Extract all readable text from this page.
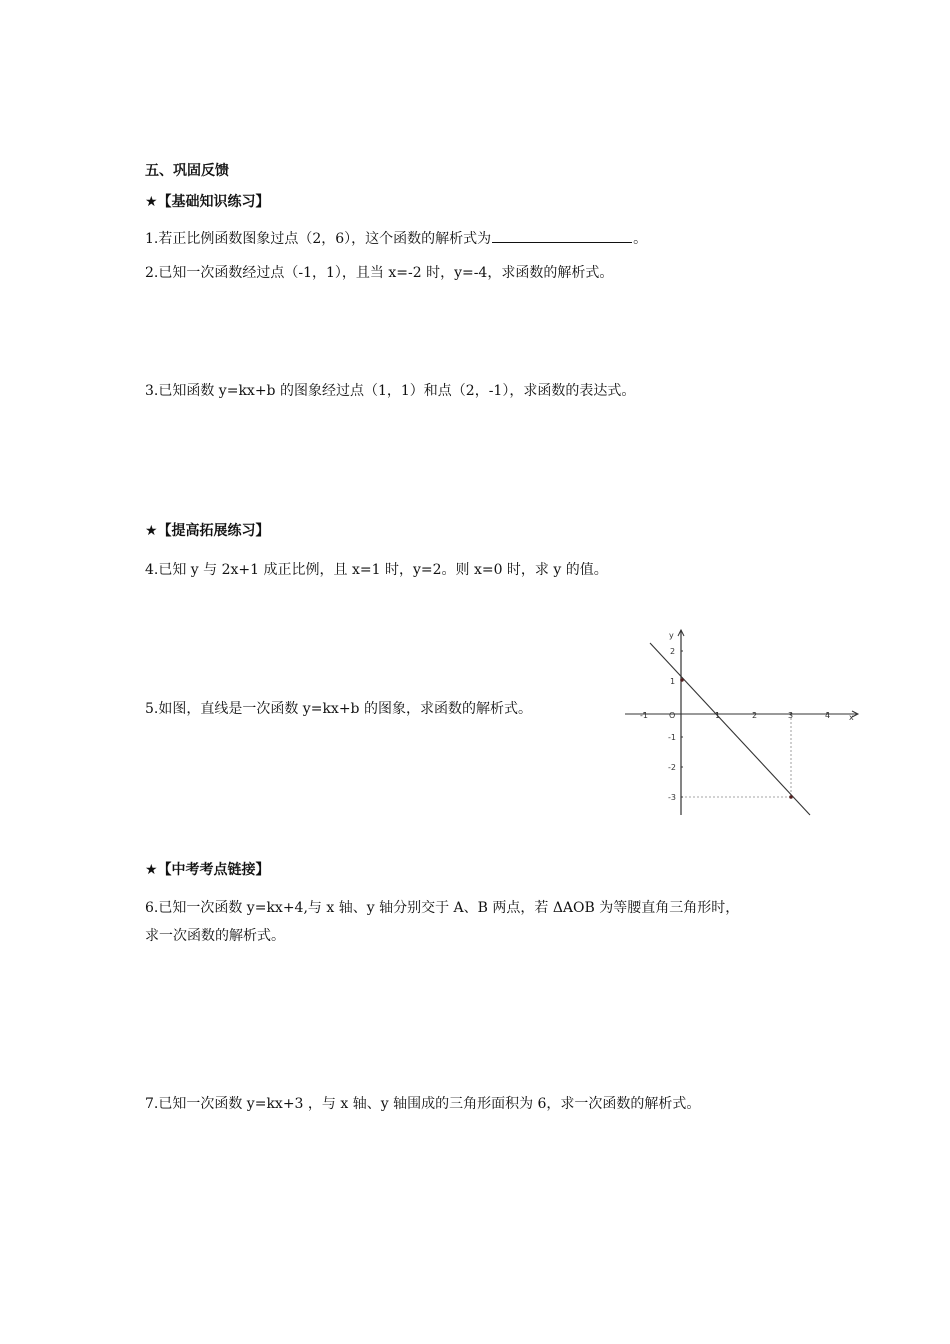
五、巩固反馈
★【基础知识练习】
1.若正比例函数图象过点（2，6），这个函数的解析式为	。
2.已知一次函数经过点（-1，1），且当 x=-2 时，y=-4，求函数的解析式。
3.已知函数 y=kx+b 的图象经过点（1，1）和点（2，-1），求函数的表达式。
★【提高拓展练习】
4.已知 y 与 2x+1 成正比例，且 x=1 时，y=2。则 x=0 时，求 y 的值。
5.如图，直线是一次函数 y=kx+b 的图象，求函数的解析式。
y
x
O
-1	1	2	3	4
2
1
-1
-2
-3
★【中考考点链接】
6.已知一次函数 y=kx+4,与 x 轴、y 轴分别交于 A、B 两点，若 ΔAOB 为等腰直角三角形时，
求一次函数的解析式。
7.已知一次函数 y=kx+3 ，与 x 轴、y 轴围成的三角形面积为 6，求一次函数的解析式。
